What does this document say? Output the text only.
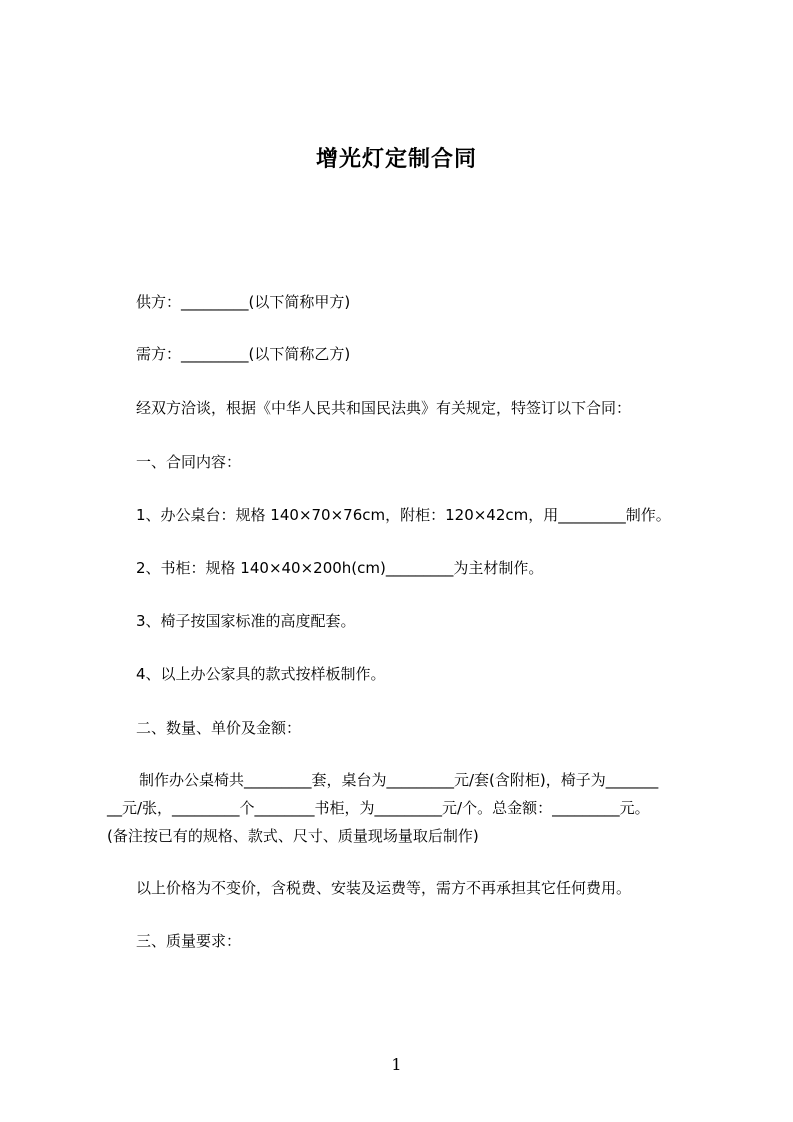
增光灯定制合同
供方：_________(以下简称甲方)
需方：_________(以下简称乙方)
经双方洽谈，根据《中华人民共和国民法典》有关规定，特签订以下合同：
一、合同内容：
1、办公桌台：规格 140×70×76cm，附柜：120×42cm，用_________制作。
2、书柜：规格 140×40×200h(cm)_________为主材制作。
3、椅子按国家标准的高度配套。
4、以上办公家具的款式按样板制作。
二、数量、单价及金额：
制作办公桌椅共_________套，桌台为_________元/套(含附柜)，椅子为_______
__元/张，_________个________书柜，为_________元/个。总金额：_________元。
(备注按已有的规格、款式、尺寸、质量现场量取后制作)
以上价格为不变价，含税费、安装及运费等，需方不再承担其它任何费用。
三、质量要求：
1
